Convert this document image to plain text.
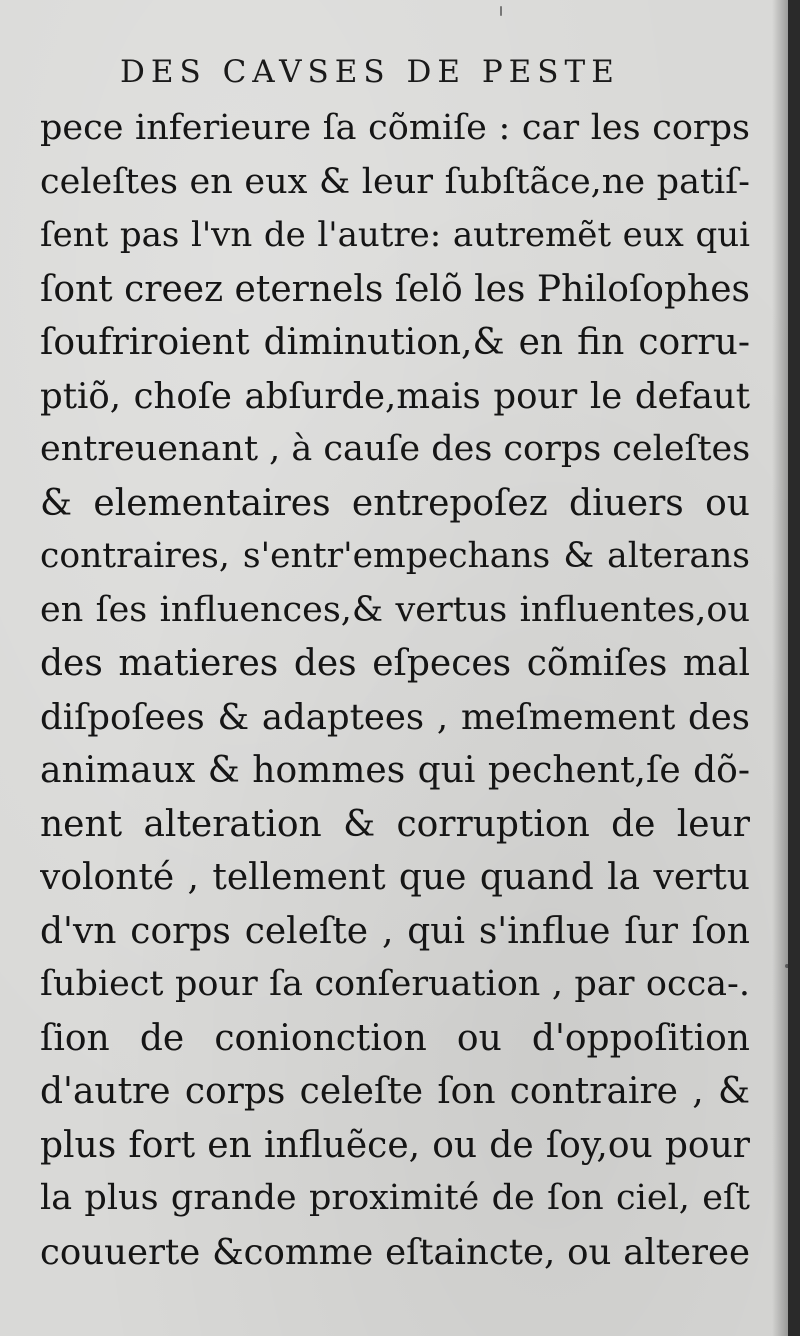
DES CAVSES DE PESTE
pece inferieure ſa cõmiſe : car les corps
celeſtes en eux & leur ſubſtãce,ne patiſ-
ſent pas l'vn de l'autre: autremẽt eux qui
ſont creez eternels ſelõ les Philoſophes
ſoufriroient diminution,& en fin corru-
ptiõ, choſe abſurde,mais pour le defaut
entreuenant , à cauſe des corps celeſtes
& elementaires entrepoſez diuers ou
contraires, s'entr'empechans & alterans
en ſes influences,& vertus influentes,ou
des matieres des eſpeces cõmiſes mal
diſpoſees & adaptees , meſmement des
animaux & hommes qui pechent,ſe dõ-
nent alteration & corruption de leur
volonté , tellement que quand la vertu
d'vn corps celeſte , qui s'influe ſur ſon
ſubiect pour ſa conſeruation , par occa-.
ſion de conionction ou d'oppoſition
d'autre corps celeſte ſon contraire , &
plus fort en influẽce, ou de ſoy,ou pour
la plus grande proximité de ſon ciel, eſt
couuerte &comme eſtaincte, ou alteree
